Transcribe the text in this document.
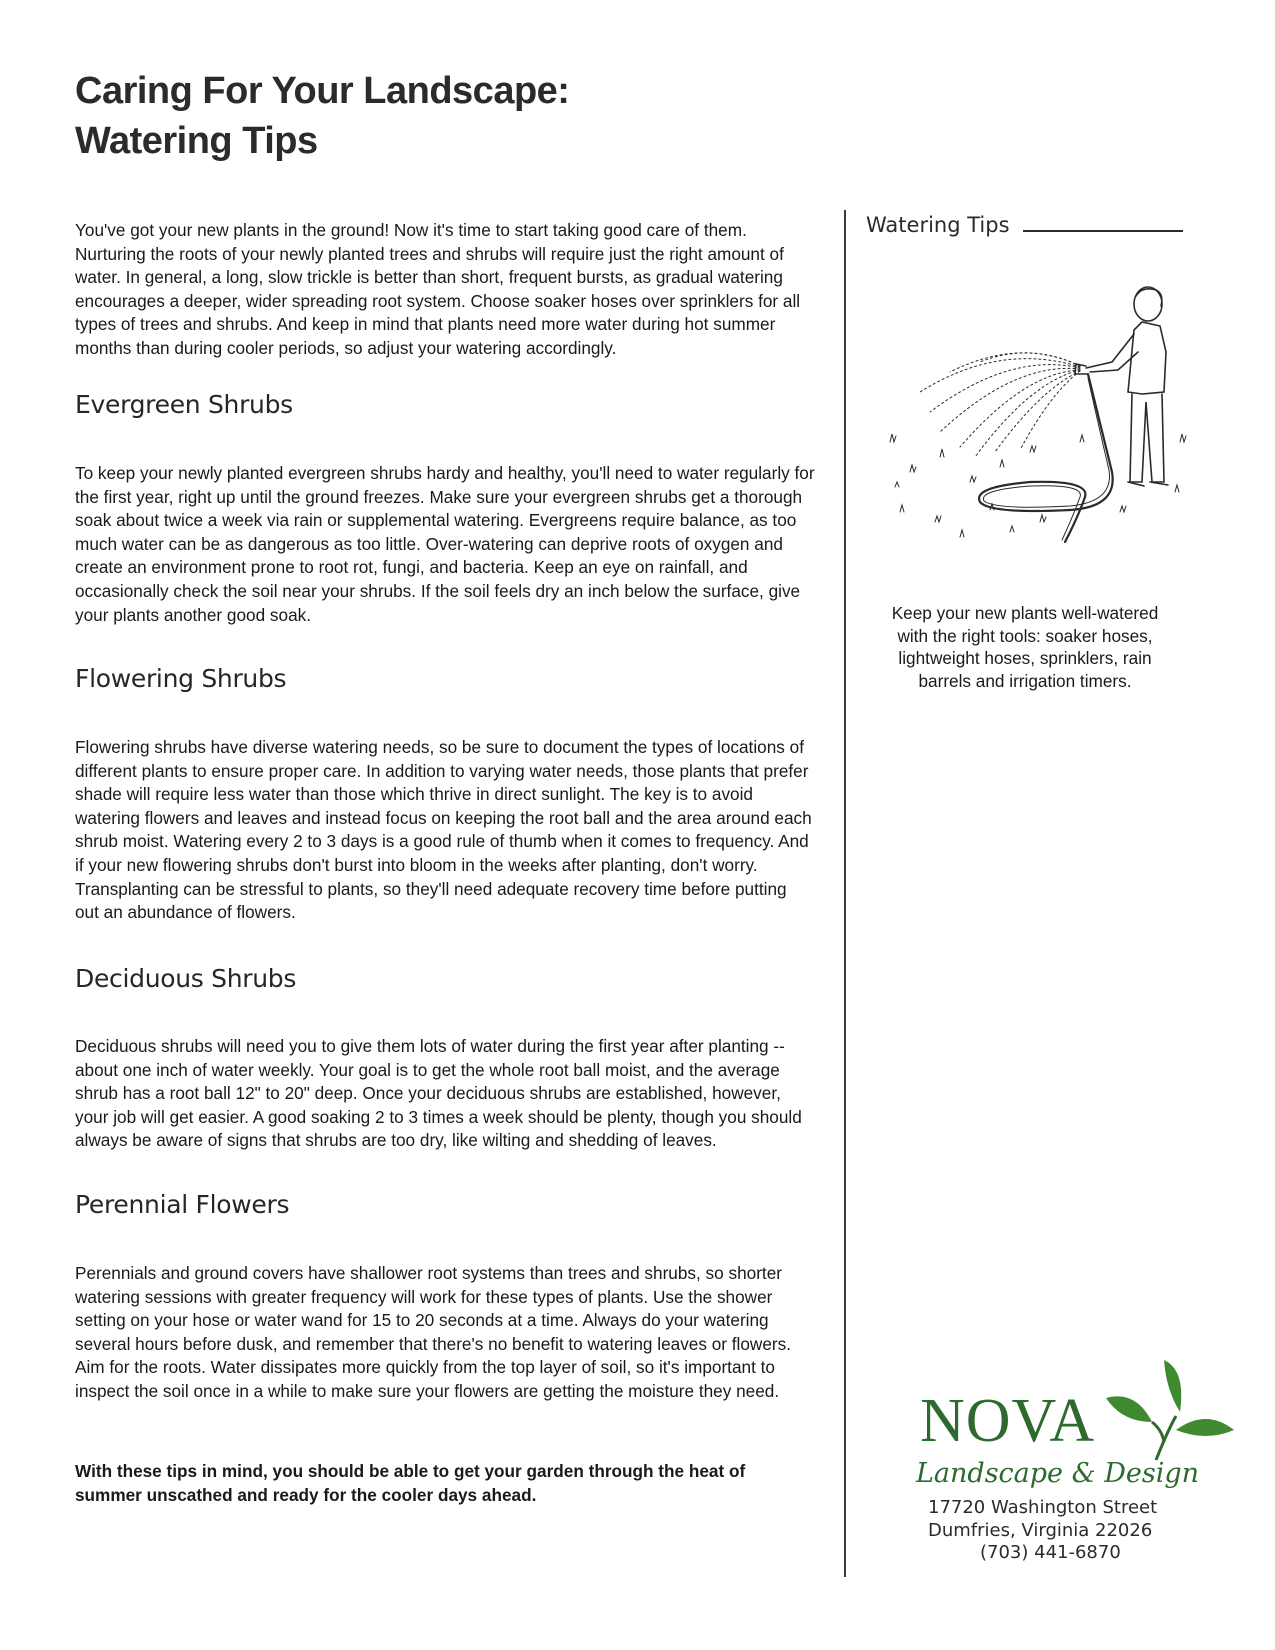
Caring For Your Landscape:
Watering Tips

You've got your new plants in the ground! Now it's time to start taking good care of them. Nurturing the roots of your newly planted trees and shrubs will require just the right amount of water. In general, a long, slow trickle is better than short, frequent bursts, as gradual watering encourages a deeper, wider spreading root system. Choose soaker hoses over sprinklers for all types of trees and shrubs. And keep in mind that plants need more water during hot summer months than during cooler periods, so adjust your watering accordingly.

Evergreen Shrubs

To keep your newly planted evergreen shrubs hardy and healthy, you'll need to water regularly for the first year, right up until the ground freezes. Make sure your evergreen shrubs get a thorough soak about twice a week via rain or supplemental watering. Evergreens require balance, as too much water can be as dangerous as too little. Over-watering can deprive roots of oxygen and create an environment prone to root rot, fungi, and bacteria. Keep an eye on rainfall, and occasionally check the soil near your shrubs. If the soil feels dry an inch below the surface, give your plants another good soak.

Flowering Shrubs

Flowering shrubs have diverse watering needs, so be sure to document the types of locations of different plants to ensure proper care. In addition to varying water needs, those plants that prefer shade will require less water than those which thrive in direct sunlight. The key is to avoid watering flowers and leaves and instead focus on keeping the root ball and the area around each shrub moist. Watering every 2 to 3 days is a good rule of thumb when it comes to frequency. And if your new flowering shrubs don't burst into bloom in the weeks after planting, don't worry. Transplanting can be stressful to plants, so they'll need adequate recovery time before putting out an abundance of flowers.

Deciduous Shrubs

Deciduous shrubs will need you to give them lots of water during the first year after planting -- about one inch of water weekly. Your goal is to get the whole root ball moist, and the average shrub has a root ball 12" to 20" deep. Once your deciduous shrubs are established, however, your job will get easier. A good soaking 2 to 3 times a week should be plenty, though you should always be aware of signs that shrubs are too dry, like wilting and shedding of leaves.

Perennial Flowers

Perennials and ground covers have shallower root systems than trees and shrubs, so shorter watering sessions with greater frequency will work for these types of plants. Use the shower setting on your hose or water wand for 15 to 20 seconds at a time. Always do your watering several hours before dusk, and remember that there's no benefit to watering leaves or flowers. Aim for the roots. Water dissipates more quickly from the top layer of soil, so it's important to inspect the soil once in a while to make sure your flowers are getting the moisture they need.

With these tips in mind, you should be able to get your garden through the heat of summer unscathed and ready for the cooler days ahead.

Watering Tips
Keep your new plants well-watered with the right tools: soaker hoses, lightweight hoses, sprinklers, rain barrels and irrigation timers.
NOVA
Landscape & Design
17720 Washington Street
Dumfries, Virginia 22026
(703) 441-6870
